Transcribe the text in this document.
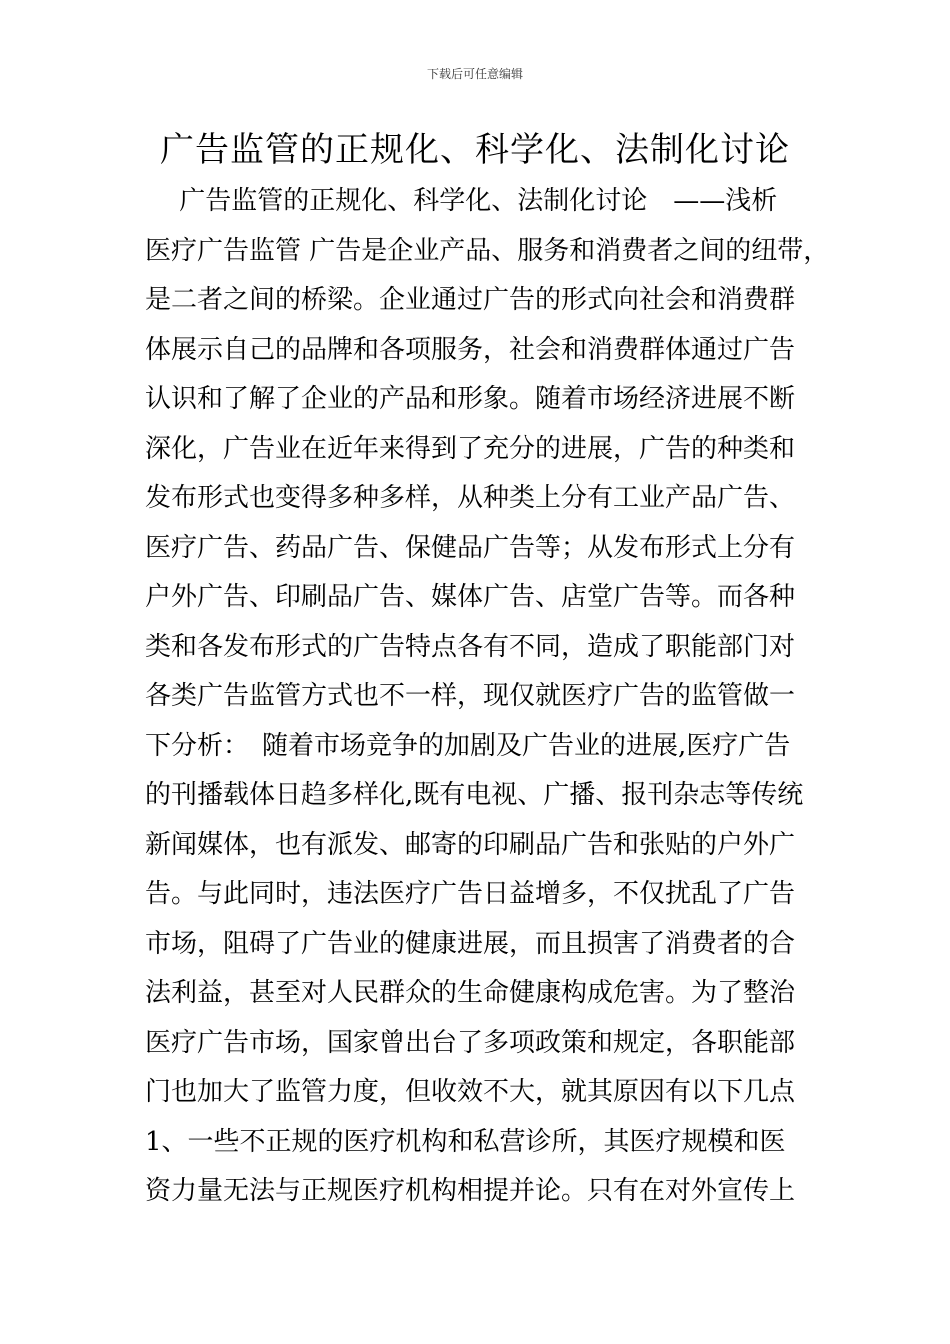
下载后可任意编辑
广告监管的正规化、科学化、法制化讨论
　 广告监管的正规化、科学化、法制化讨论　——浅析
医疗广告监管 广告是企业产品、服务和消费者之间的纽带，
是二者之间的桥梁。企业通过广告的形式向社会和消费群
体展示自己的品牌和各项服务，社会和消费群体通过广告
认识和了解了企业的产品和形象。随着市场经济进展不断
深化，广告业在近年来得到了充分的进展，广告的种类和
发布形式也变得多种多样，从种类上分有工业产品广告、
医疗广告、药品广告、保健品广告等；从发布形式上分有
户外广告、印刷品广告、媒体广告、店堂广告等。而各种
类和各发布形式的广告特点各有不同，造成了职能部门对
各类广告监管方式也不一样，现仅就医疗广告的监管做一
下分析：　随着市场竞争的加剧及广告业的进展,医疗广告
的刊播载体日趋多样化,既有电视、广播、报刊杂志等传统
新闻媒体，也有派发、邮寄的印刷品广告和张贴的户外广
告。与此同时，违法医疗广告日益增多，不仅扰乱了广告
市场，阻碍了广告业的健康进展，而且损害了消费者的合
法利益，甚至对人民群众的生命健康构成危害。为了整治
医疗广告市场，国家曾出台了多项政策和规定，各职能部
门也加大了监管力度，但收效不大，就其原因有以下几点
1、一些不正规的医疗机构和私营诊所，其医疗规模和医
资力量无法与正规医疗机构相提并论。只有在对外宣传上
